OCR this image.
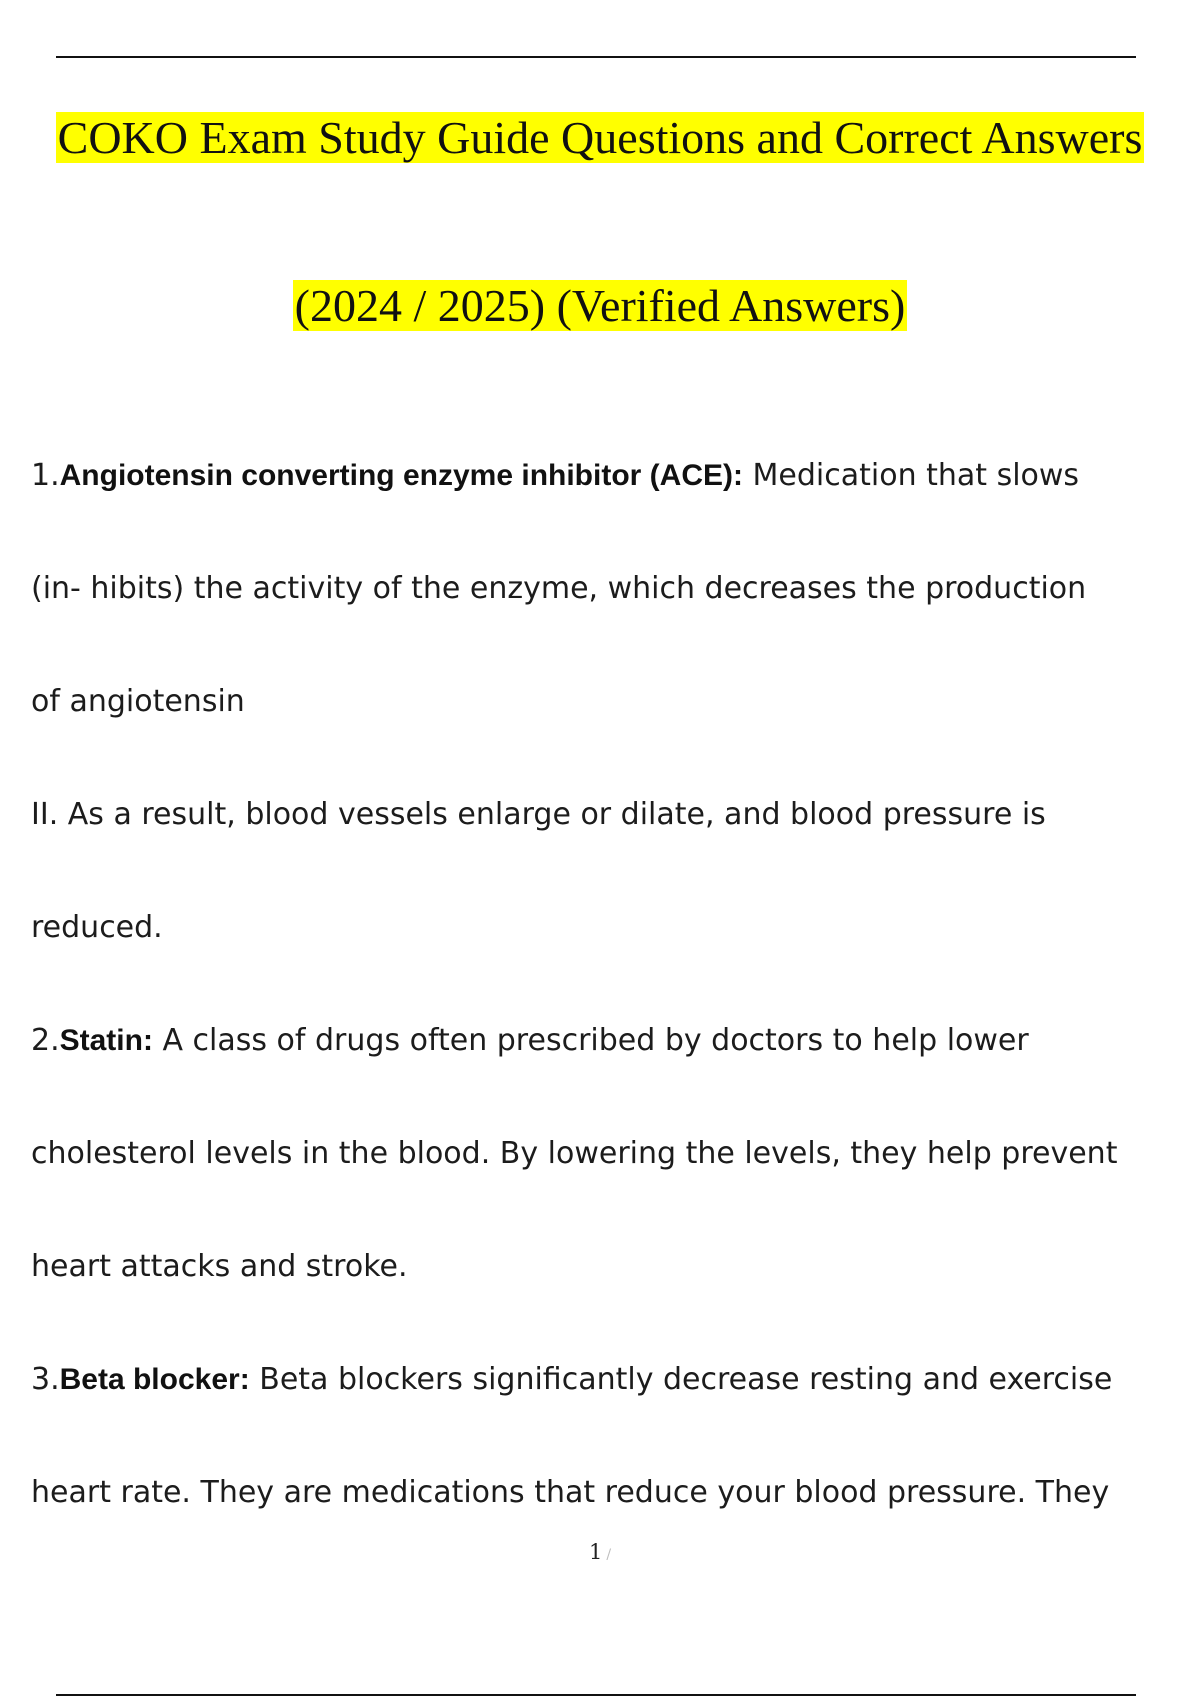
COKO Exam Study Guide Questions and Correct Answers
(2024 / 2025) (Verified Answers)
1.Angiotensin converting enzyme inhibitor (ACE): Medication that slows
(in- hibits) the activity of the enzyme, which decreases the production
of angiotensin
II. As a result, blood vessels enlarge or dilate, and blood pressure is
reduced.
2.Statin: A class of drugs often prescribed by doctors to help lower
cholesterol levels in the blood. By lowering the levels, they help prevent
heart attacks and stroke.
3.Beta blocker: Beta blockers significantly decrease resting and exercise
heart rate. They are medications that reduce your blood pressure. They
1 /
